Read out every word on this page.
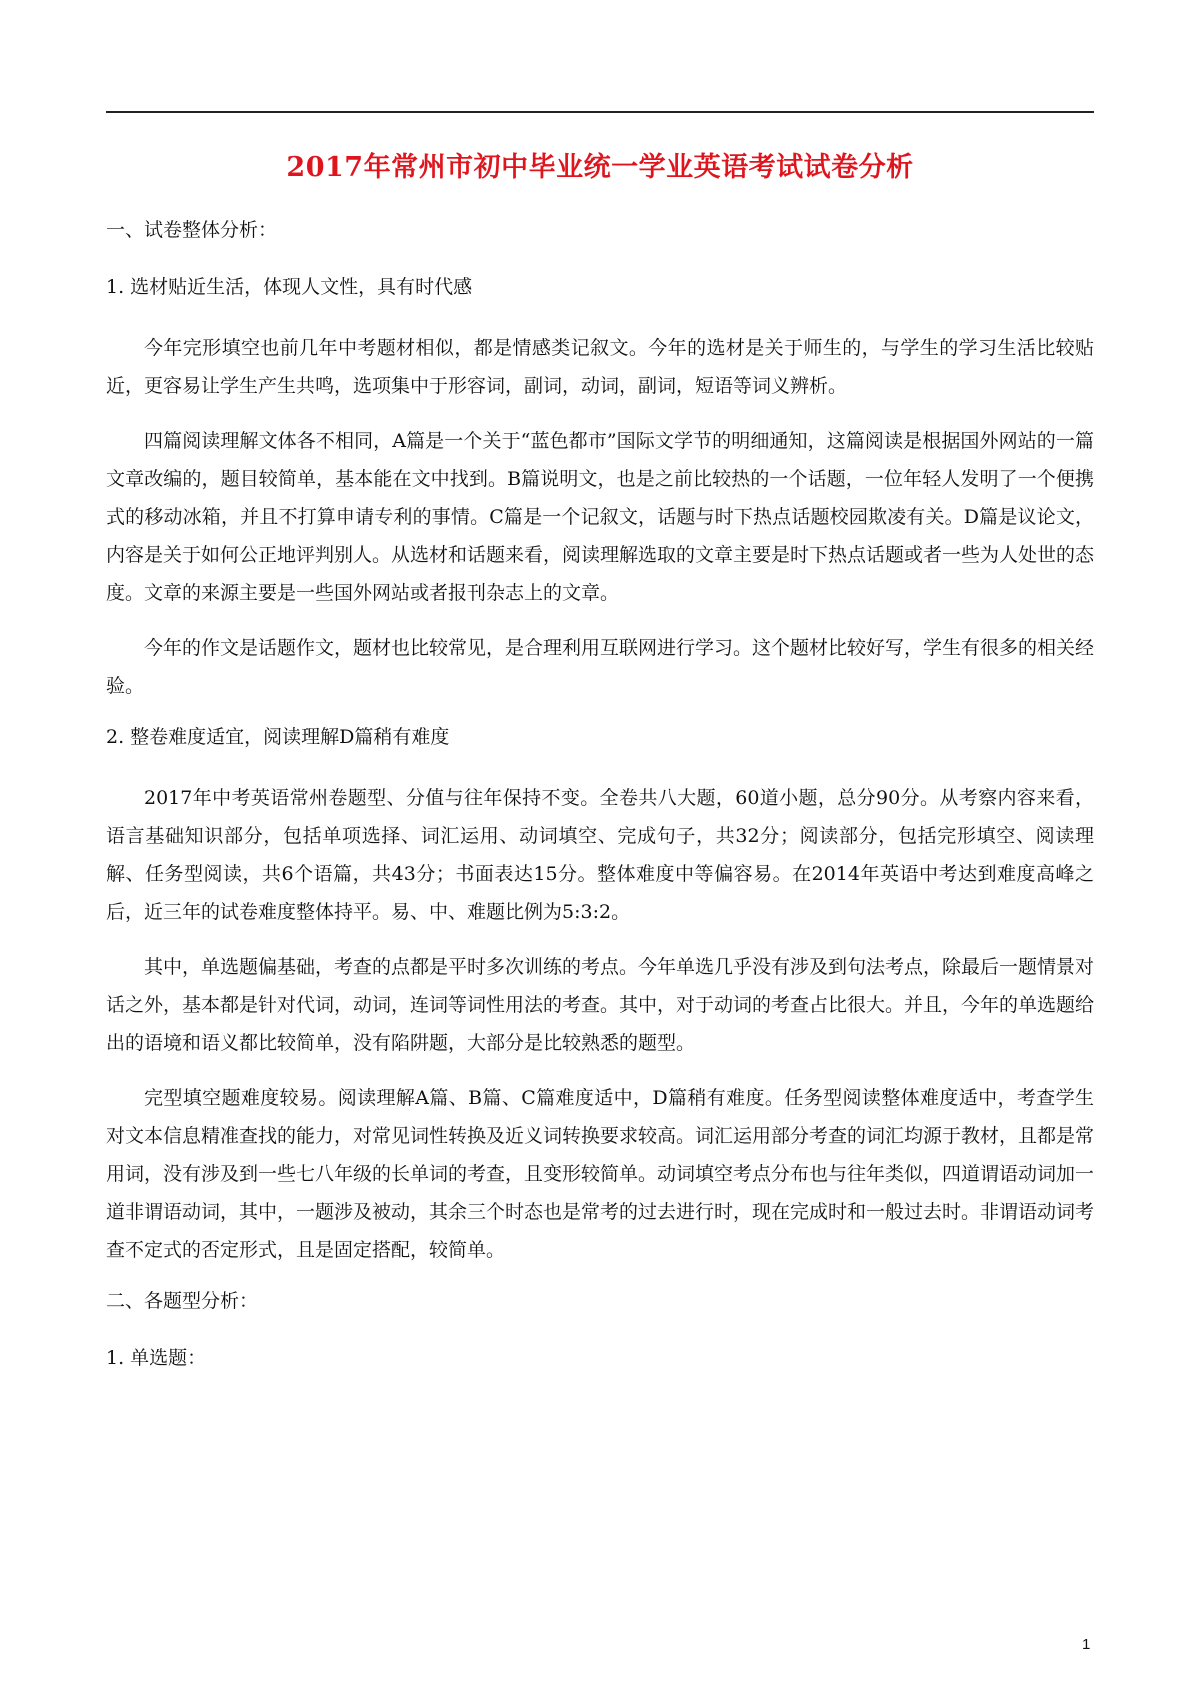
2017年常州市初中毕业统一学业英语考试试卷分析
一、试卷整体分析：
1. 选材贴近生活，体现人文性，具有时代感

今年完形填空也前几年中考题材相似，都是情感类记叙文。今年的选材是关于师生的，与学生的学习生活比较贴近，更容易让学生产生共鸣，选项集中于形容词，副词，动词，副词，短语等词义辨析。

四篇阅读理解文体各不相同，A篇是一个关于“蓝色都市”国际文学节的明细通知，这篇阅读是根据国外网站的一篇文章改编的，题目较简单，基本能在文中找到。B篇说明文，也是之前比较热的一个话题，一位年轻人发明了一个便携式的移动冰箱，并且不打算申请专利的事情。C篇是一个记叙文，话题与时下热点话题校园欺凌有关。D篇是议论文，内容是关于如何公正地评判别人。从选材和话题来看，阅读理解选取的文章主要是时下热点话题或者一些为人处世的态度。文章的来源主要是一些国外网站或者报刊杂志上的文章。

今年的作文是话题作文，题材也比较常见，是合理利用互联网进行学习。这个题材比较好写，学生有很多的相关经验。

2. 整卷难度适宜，阅读理解D篇稍有难度

2017年中考英语常州卷题型、分值与往年保持不变。全卷共八大题，60道小题，总分90分。从考察内容来看，语言基础知识部分，包括单项选择、词汇运用、动词填空、完成句子，共32分；阅读部分，包括完形填空、阅读理解、任务型阅读，共6个语篇，共43分；书面表达15分。整体难度中等偏容易。在2014年英语中考达到难度高峰之后，近三年的试卷难度整体持平。易、中、难题比例为5:3:2。

其中，单选题偏基础，考查的点都是平时多次训练的考点。今年单选几乎没有涉及到句法考点，除最后一题情景对话之外，基本都是针对代词，动词，连词等词性用法的考查。其中，对于动词的考查占比很大。并且，今年的单选题给出的语境和语义都比较简单，没有陷阱题，大部分是比较熟悉的题型。

完型填空题难度较易。阅读理解A篇、B篇、C篇难度适中，D篇稍有难度。任务型阅读整体难度适中，考查学生对文本信息精准查找的能力，对常见词性转换及近义词转换要求较高。词汇运用部分考查的词汇均源于教材，且都是常用词，没有涉及到一些七八年级的长单词的考查，且变形较简单。动词填空考点分布也与往年类似，四道谓语动词加一道非谓语动词，其中，一题涉及被动，其余三个时态也是常考的过去进行时，现在完成时和一般过去时。非谓语动词考查不定式的否定形式，且是固定搭配，较简单。

二、各题型分析：
1. 单选题：
1
